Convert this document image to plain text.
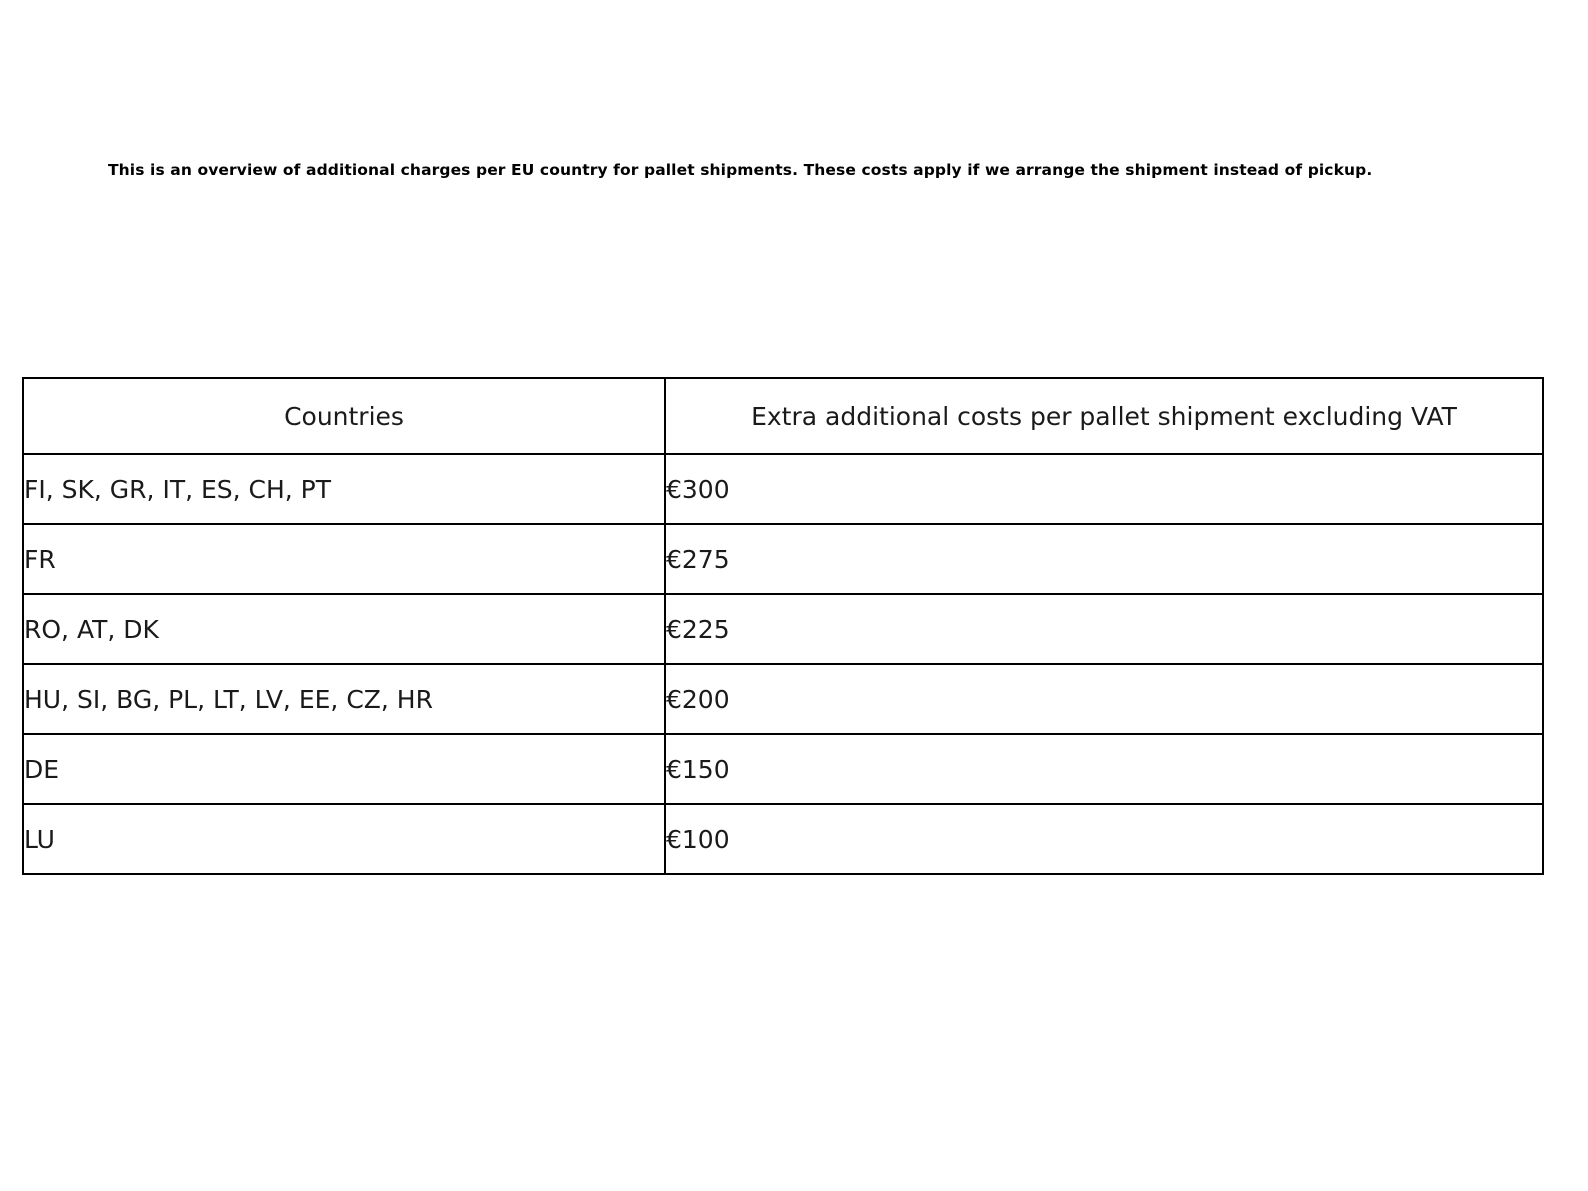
This is an overview of additional charges per EU country for pallet shipments. These costs apply if we arrange the shipment instead of pickup.
Countries	Extra additional costs per pallet shipment excluding VAT
FI, SK, GR, IT, ES, CH, PT	€300
FR	€275
RO, AT, DK	€225
HU, SI, BG, PL, LT, LV, EE, CZ, HR	€200
DE	€150
LU	€100
